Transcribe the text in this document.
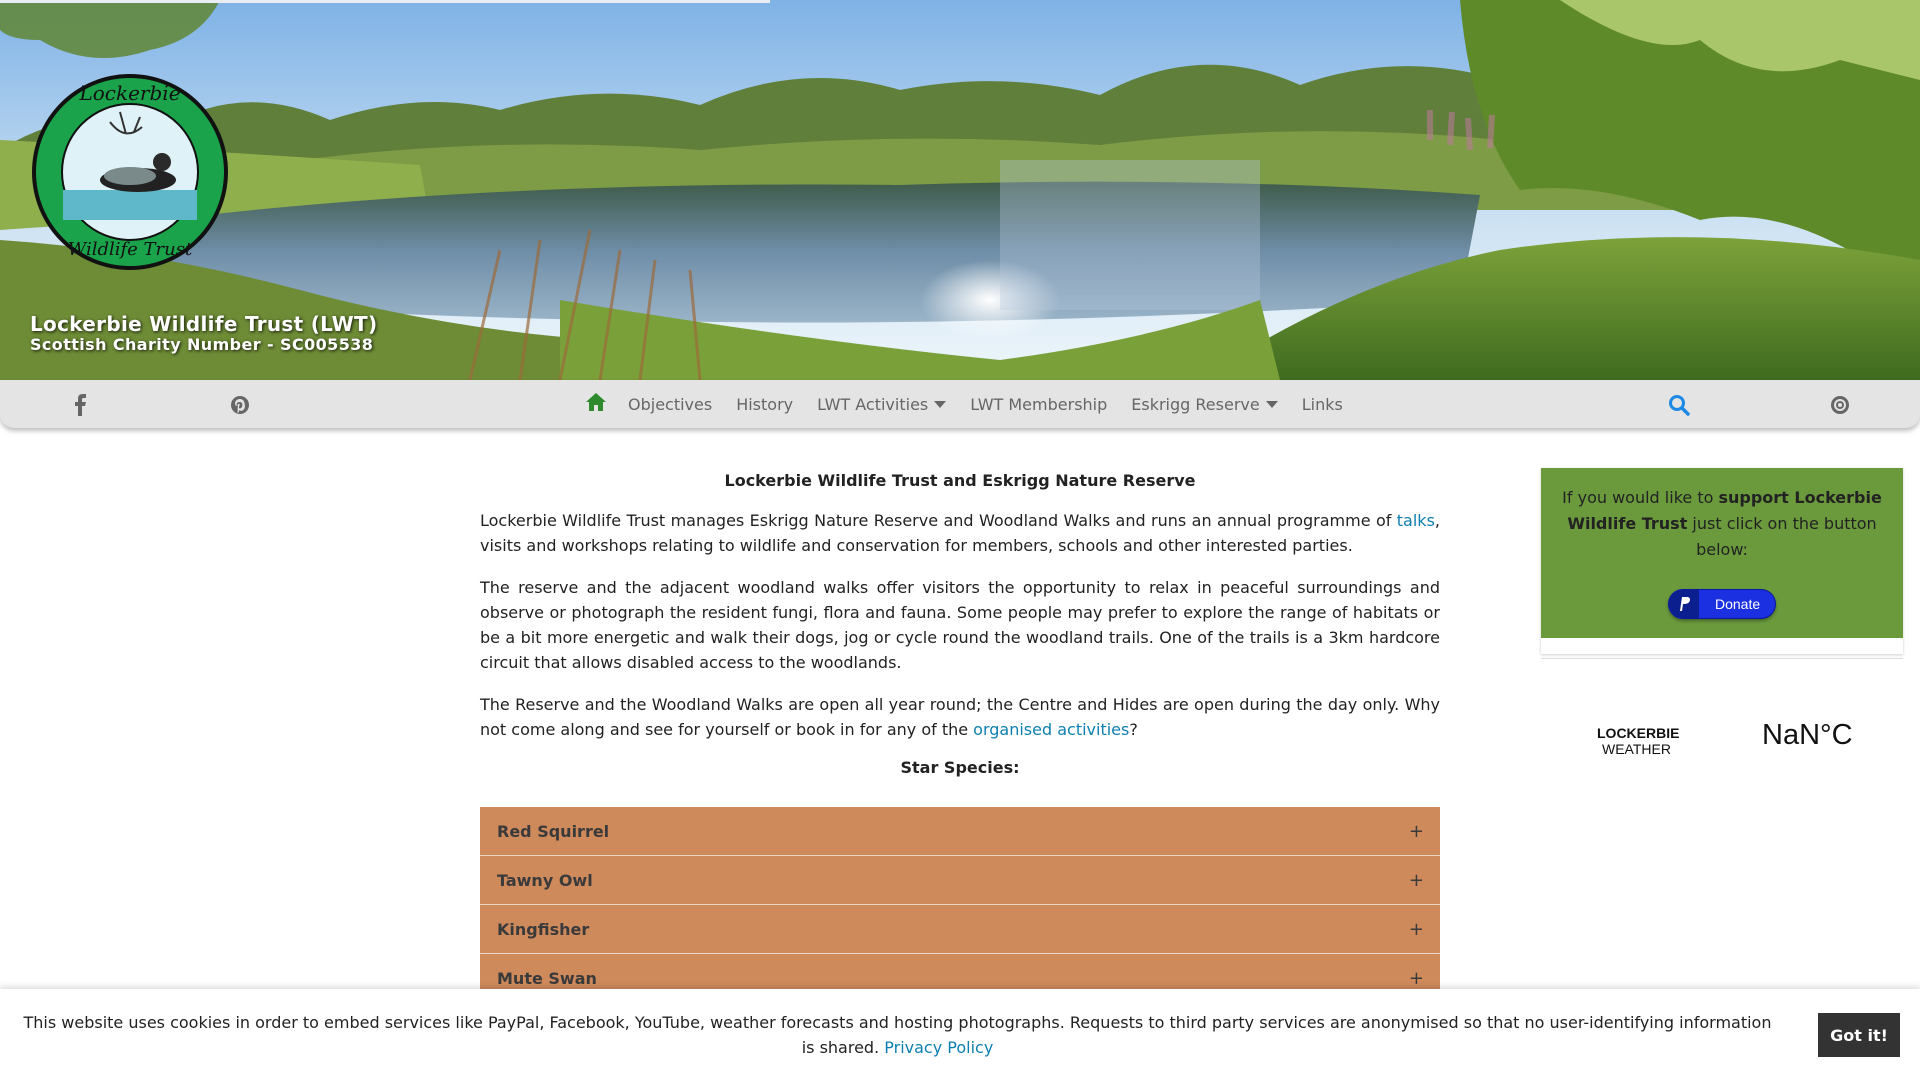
Lockerbie
Wildlife Trust
Lockerbie Wildlife Trust (LWT)
Scottish Charity Number - SC005538
Objectives History LWT Activities	LWT Membership Eskrigg Reserve	Links
Lockerbie Wildlife Trust and Eskrigg Nature Reserve

Lockerbie Wildlife Trust manages Eskrigg Nature Reserve and Woodland Walks and runs an annual programme of talks, visits and workshops relating to wildlife and conservation for members, schools and other interested parties.

The reserve and the adjacent woodland walks offer visitors the opportunity to relax in peaceful surroundings and observe or photograph the resident fungi, flora and fauna. Some people may prefer to explore the range of habitats or be a bit more energetic and walk their dogs, jog or cycle round the woodland trails. One of the trails is a 3km hardcore circuit that allows disabled access to the woodlands.

The Reserve and the Woodland Walks are open all year round; the Centre and Hides are open during the day only. Why not come along and see for yourself or book in for any of the organised activities?

Star Species:
Red Squirrel	+
Tawny Owl	+
Kingfisher	+
Mute Swan	+
If you would like to support Lockerbie Wildlife Trust just click on the button below:
Donate
LOCKERBIE
WEATHER	NaN°C
This website uses cookies in order to embed services like PayPal, Facebook, YouTube, weather forecasts and hosting photographs. Requests to third party services are anonymised so that no user-identifying information is shared. Privacy Policy
Got it!
